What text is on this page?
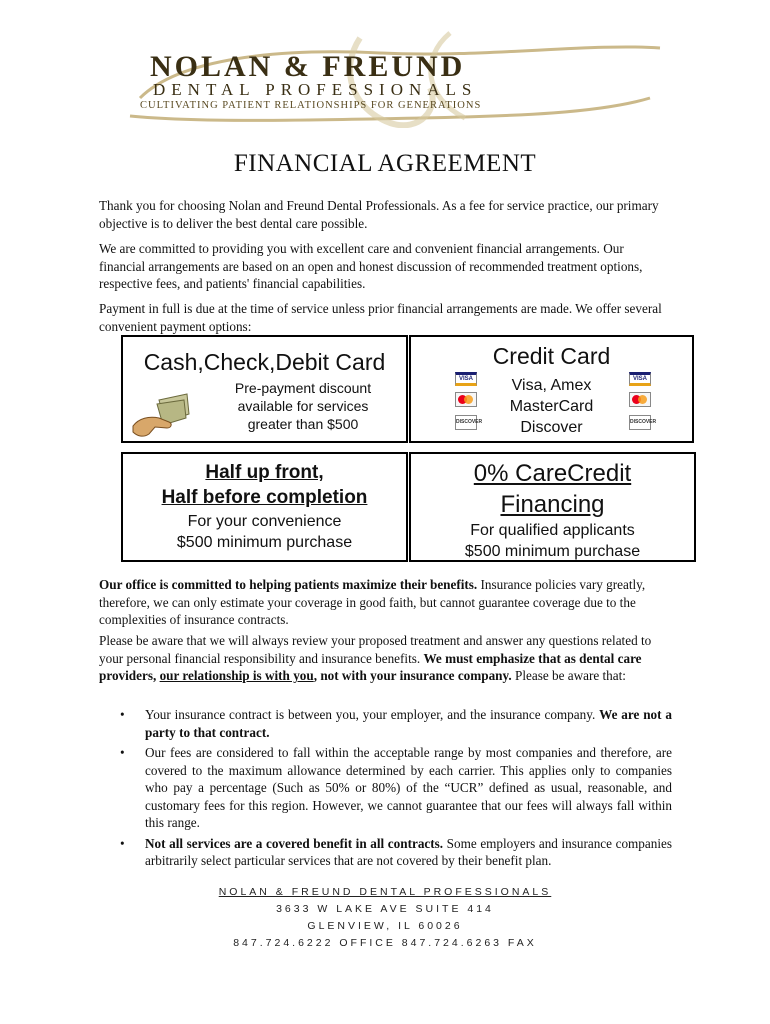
NOLAN & FREUND
DENTAL PROFESSIONALS
CULTIVATING PATIENT RELATIONSHIPS FOR GENERATIONS
FINANCIAL AGREEMENT

Thank you for choosing Nolan and Freund Dental Professionals. As a fee for service practice, our primary objective is to deliver the best dental care possible.

We are committed to providing you with excellent care and convenient financial arrangements. Our financial arrangements are based on an open and honest discussion of recommended treatment options, respective fees, and patients' financial capabilities.

Payment in full is due at the time of service unless prior financial arrangements are made. We offer several convenient payment options:

Cash,Check,Debit Card
Pre-payment discount
available for services
greater than $500
Credit Card
Visa, Amex
MasterCard
Discover
VISA
DISCOVER
VISA
DISCOVER
Half up front,
Half before completion
For your convenience
$500 minimum purchase
0% CareCredit
Financing
For qualified applicants
$500 minimum purchase

Our office is committed to helping patients maximize their benefits. Insurance policies vary greatly, therefore, we can only estimate your coverage in good faith, but cannot guarantee coverage due to the complexities of insurance contracts.

Please be aware that we will always review your proposed treatment and answer any questions related to your personal financial responsibility and insurance benefits. We must emphasize that as dental care providers, our relationship is with you, not with your insurance company. Please be aware that:

• Your insurance contract is between you, your employer, and the insurance company. We are not a party to that contract.
• Our fees are considered to fall within the acceptable range by most companies and therefore, are covered to the maximum allowance determined by each carrier. This applies only to companies who pay a percentage (Such as 50% or 80%) of the “UCR” defined as usual, reasonable, and customary fees for this region. However, we cannot guarantee that our fees will always fall within this range.
• Not all services are a covered benefit in all contracts. Some employers and insurance companies arbitrarily select particular services that are not covered by their benefit plan.
NOLAN & FREUND DENTAL PROFESSIONALS
3633 W LAKE AVE SUITE 414
GLENVIEW, IL 60026
847.724.6222 OFFICE 847.724.6263 FAX
